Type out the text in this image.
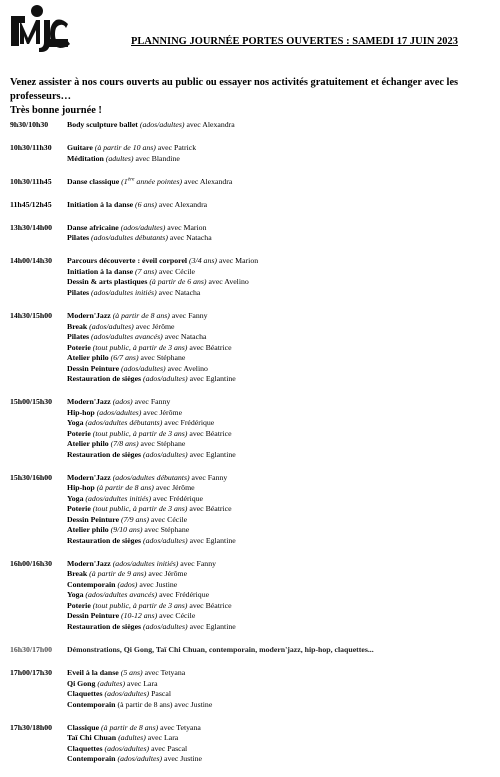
Jouer les Yeux
PLANNING JOURNÉE PORTES OUVERTES : SAMEDI 17 JUIN 2023
Venez assister à nos cours ouverts au public ou essayer nos activités gratuitement et échanger avec les professeurs…
Très bonne journée !
9h30/10h30	Body sculpture ballet (ados/adultes) avec Alexandra
10h30/11h30	Guitare (à partir de 10 ans) avec Patrick
Méditation (adultes) avec Blandine
10h30/11h45	Danse classique (1ère année pointes) avec Alexandra
11h45/12h45	Initiation à la danse (6 ans) avec Alexandra
13h30/14h00	Danse africaine (ados/adultes) avec Marion
Pilates (ados/adultes débutants) avec Natacha
14h00/14h30	Parcours découverte : éveil corporel (3/4 ans) avec Marion
Initiation à la danse (7 ans) avec Cécile
Dessin & arts plastiques (à partir de 6 ans) avec Avelino
Pilates (ados/adultes initiés) avec Natacha
14h30/15h00	Modern'Jazz (à partir de 8 ans) avec Fanny
Break (ados/adultes) avec Jérôme
Pilates (ados/adultes avancés) avec Natacha
Poterie (tout public, à partir de 3 ans) avec Béatrice
Atelier philo (6/7 ans) avec Stéphane
Dessin Peinture (ados/adultes) avec Avelino
Restauration de sièges (ados/adultes) avec Eglantine
15h00/15h30	Modern'Jazz (ados) avec Fanny
Hip-hop (ados/adultes) avec Jérôme
Yoga (ados/adultes débutants) avec Frédérique
Poterie (tout public, à partir de 3 ans) avec Béatrice
Atelier philo (7/8 ans) avec Stéphane
Restauration de sièges (ados/adultes) avec Eglantine
15h30/16h00	Modern'Jazz (ados/adultes débutants) avec Fanny
Hip-hop (à partir de 8 ans) avec Jérôme
Yoga (ados/adultes initiés) avec Frédérique
Poterie (tout public, à partir de 3 ans) avec Béatrice
Dessin Peinture (7/9 ans) avec Cécile
Atelier philo (9/10 ans) avec Stéphane
Restauration de sièges (ados/adultes) avec Eglantine
16h00/16h30	Modern'Jazz (ados/adultes initiés) avec Fanny
Break (à partir de 9 ans) avec Jérôme
Contemporain (ados) avec Justine
Yoga (ados/adultes avancés) avec Frédérique
Poterie (tout public, à partir de 3 ans) avec Béatrice
Dessin Peinture (10-12 ans) avec Cécile
Restauration de sièges (ados/adultes) avec Eglantine
16h30/17h00	Démonstrations, Qi Gong, Taï Chi Chuan, contemporain, modern'jazz, hip-hop, claquettes...
17h00/17h30	Eveil à la danse (5 ans) avec Tetyana
Qi Gong (adultes) avec Lara
Claquettes (ados/adultes) Pascal
Contemporain (à partir de 8 ans) avec Justine
17h30/18h00	Classique (à partir de 8 ans) avec Tetyana
Taï Chi Chuan (adultes) avec Lara
Claquettes (ados/adultes) avec Pascal
Contemporain (ados/adultes) avec Justine
